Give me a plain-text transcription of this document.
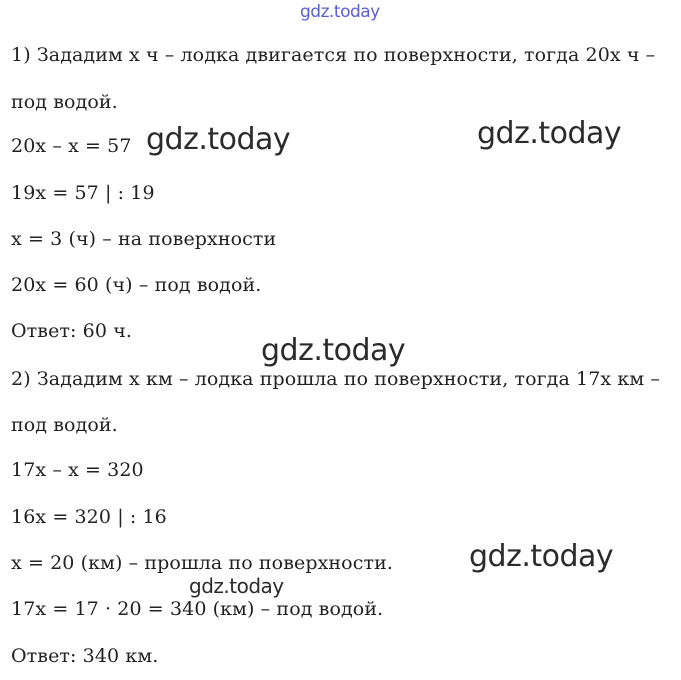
1) Зададим x ч – лодка двигается по поверхности, тогда 20x ч –
под водой.
20x – x = 57
19x = 57 | : 19
x = 3 (ч) – на поверхности
20x = 60 (ч) – под водой.
Ответ: 60 ч.
2) Зададим x км – лодка прошла по поверхности, тогда 17x км –
под водой.
17x – x = 320
16x = 320 | : 16
x = 20 (км) – прошла по поверхности.
17x = 17 · 20 = 340 (км) – под водой.
Ответ: 340 км.
gdz.today
gdz.today	gdz.today
gdz.today
gdz.today
gdz.today
